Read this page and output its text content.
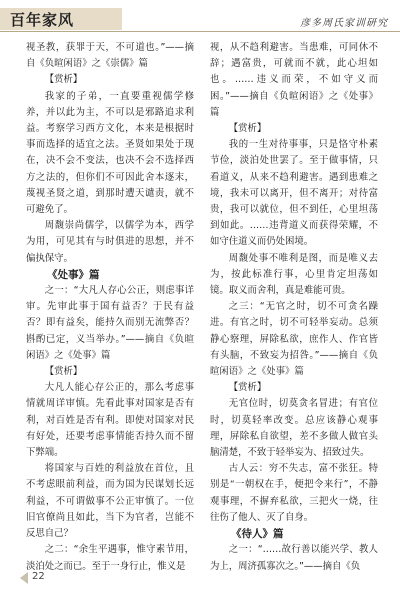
百年家风	彦多周氏家训研究

视圣教，获罪于天，不可道也。”——摘自《负暄闲语》之《崇儒》篇

【赏析】

我家的子弟，一直要重视儒学修养，并以此为主，不可以是邪路追求利益。考察学习西方文化，本来是根据时事而选择的适宜之法。圣贤如果处于现在，决不会不变法，也决不会不选择西方之法的，但你们不可因此舍本逐末，蔑视圣贤之道，到那时遭天谴责，就不可避免了。

周馥崇尚儒学，以儒学为本，西学为用，可见其有与时俱进的思想，并不偏执保守。

《处事》篇

之一：“大凡人存心公正，则虑事详审。先审此事于国有益否？于民有益否？即有益矣，能持久而别无流弊否？斟酌已定，义当举办。”——摘自《负暄闲语》之《处事》篇

【赏析】

大凡人能心存公正的，那么考虑事情就周详审慎。先看此事对国家是否有利，对百姓是否有利。即使对国家对民有好处，还要考虑事情能否持久而不留下弊端。

将国家与百姓的利益放在首位，且不考虑眼前利益，而为国为民谋划长远利益，不可谓做事不公正审慎了。一位旧官僚尚且如此，当下为官者，岂能不反思自己？

之二：“余生平遇事，惟守素节用，淡泊处之而已。至于一身行止，惟义是

视，从不趋利避害。当患难，可同休不辞；遇富贵，可就而不就，此心坦如也。……违义而荣，不如守义而困。”——摘自《负暄闲语》之《处事》篇

【赏析】

我的一生对待事事，只是恪守朴素节俭，淡泊处世罢了。至于做事情，只看道义，从来不趋利避害。遇到患难之境，我未可以离开，但不离开；对待富贵，我可以就位，但不到任，心里坦荡到如此。……违背道义而获得荣耀，不如守住道义而仍处困境。

周馥处事不唯利是图，而是唯义去为，按此标准行事，心里肯定坦荡如镜。取义而舍利，真是难能可贵。

之三：“无官之时，切不可贪名躁进。有官之时，切不可轻举妄动。总须静心察理，屏除私欲，庶作人、作官皆有头脑，不致妄为招咎。”——摘自《负暄闲语》之《处事》篇

【赏析】

无官位时，切莫贪名冒进；有官位时，切莫轻率改变。总应该静心观事理，屏除私自欲望，差不多做人做官头脑清楚，不致于轻举妄为、招致过失。

古人云：穷不失志，富不张狂。特别是“一朝权在手，便把令来行”，不静观事理，不摒弃私欲，三把火一烧，往往伤了他人、灭了自身。

《待人》篇

之一：“……故行善以能兴学、教人为上，周济孤寡次之。”——摘自《负

22
